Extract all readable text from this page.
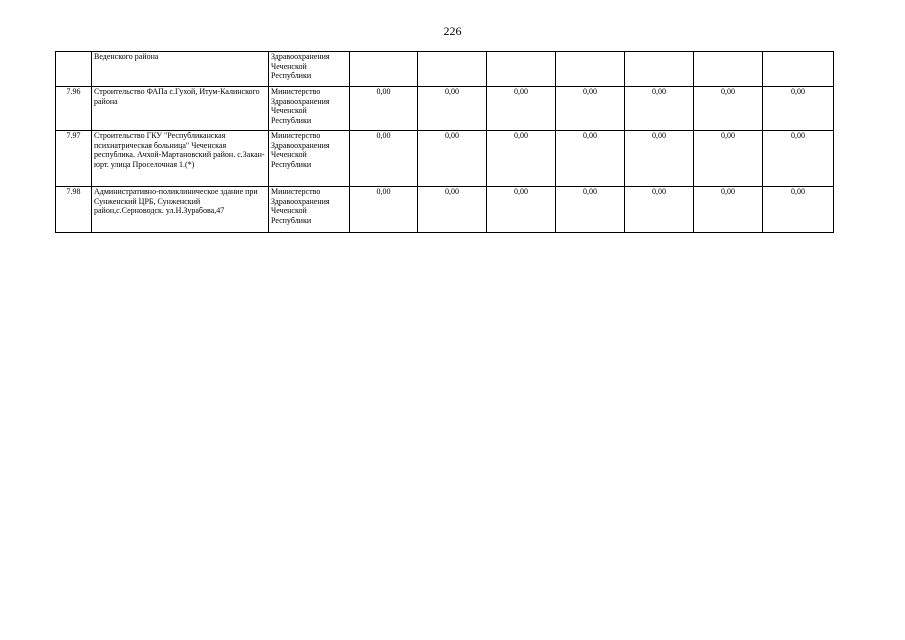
226
	Веденского района	Здравоохранения Чеченской Республики							
7.96	Строительство ФАПа с.Гухой, Итум-Калинского района	Министерство Здравоохранения Чеченской Республики	0,00	0,00	0,00	0,00	0,00	0,00	0,00
7.97	Строительство ГКУ "Республиканская психиатрическая больница" Чеченская республика. Ачхой-Мартановский район. с.Закан-юрт. улица Проселочная 1.(*)	Министерство Здравоохранения Чеченской Республики	0,00	0,00	0,00	0,00	0,00	0,00	0,00
7.98	Административно-поликлиническое здание при Сунженский ЦРБ, Сунженский район,с.Серноводск. ул.Н.Зурабова,47	Министерство Здравоохранения Чеченской Республики	0,00	0,00	0,00	0,00	0,00	0,00	0,00
